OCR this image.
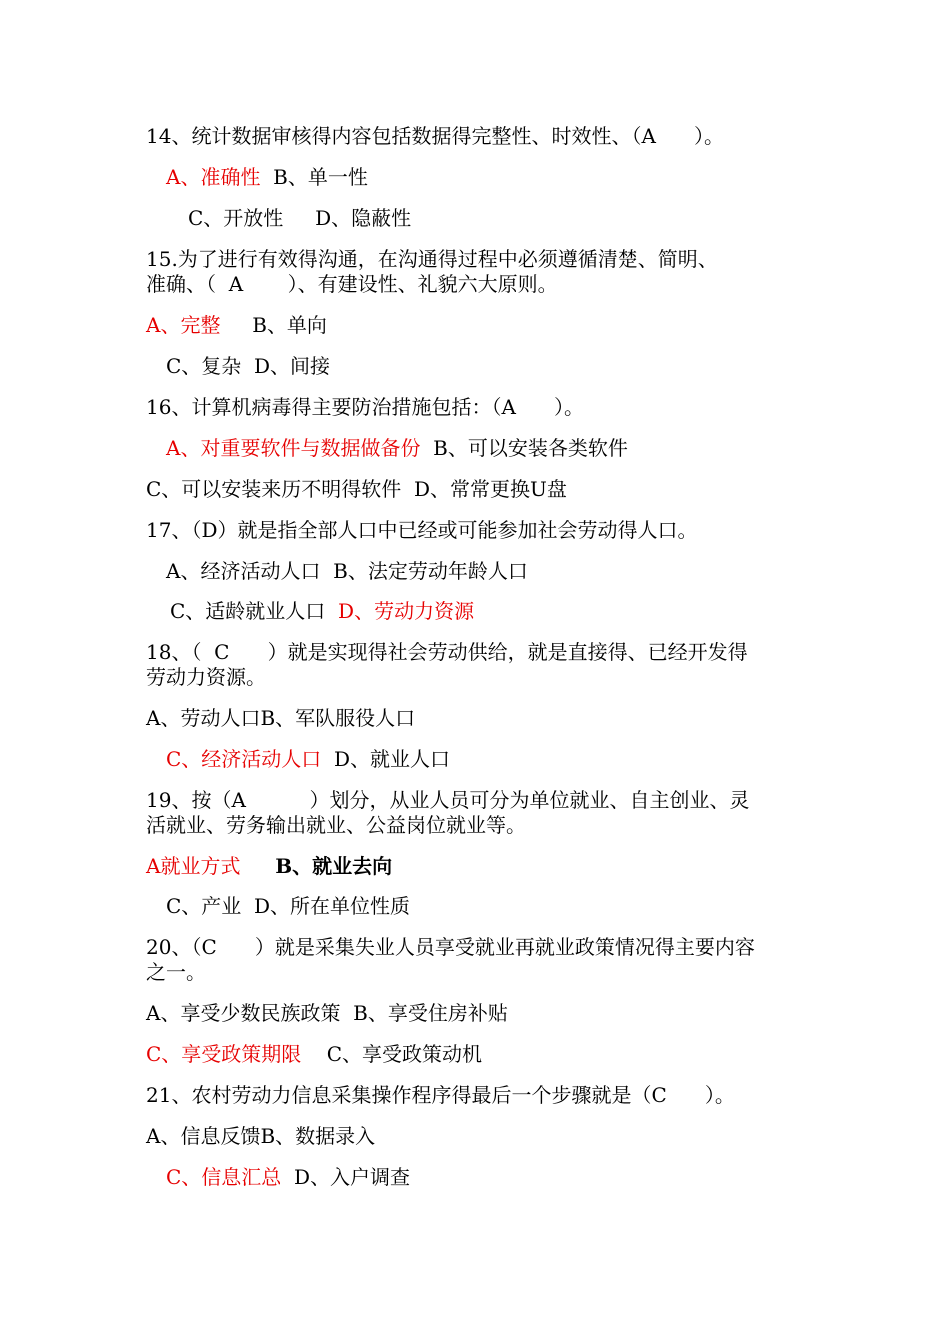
14、统计数据审核得内容包括数据得完整性、时效性、（A      ）。
A、准确性  B、单一性
C、开放性     D、隐蔽性
15.为了进行有效得沟通，在沟通得过程中必须遵循清楚、简明、
准确、（  A       ）、有建设性、礼貌六大原则。
A、完整     B、单向
C、复杂  D、间接
16、计算机病毒得主要防治措施包括：（A      ）。
A、对重要软件与数据做备份  B、可以安装各类软件
C、可以安装来历不明得软件  D、常常更换U盘
17、（D）就是指全部人口中已经或可能参加社会劳动得人口。
A、经济活动人口  B、法定劳动年龄人口
C、适龄就业人口  D、劳动力资源
18、（  C      ）就是实现得社会劳动供给，就是直接得、已经开发得
劳动力资源。
A、劳动人口B、军队服役人口
C、经济活动人口  D、就业人口
19、按（A          ）划分，从业人员可分为单位就业、自主创业、灵
活就业、劳务输出就业、公益岗位就业等。
A就业方式     B、就业去向
C、产业  D、所在单位性质
20、（C      ）就是采集失业人员享受就业再就业政策情况得主要内容
之一。
A、享受少数民族政策  B、享受住房补贴
C、享受政策期限    C、享受政策动机
21、农村劳动力信息采集操作程序得最后一个步骤就是（C      ）。
A、信息反馈B、数据录入
C、信息汇总  D、入户调查
